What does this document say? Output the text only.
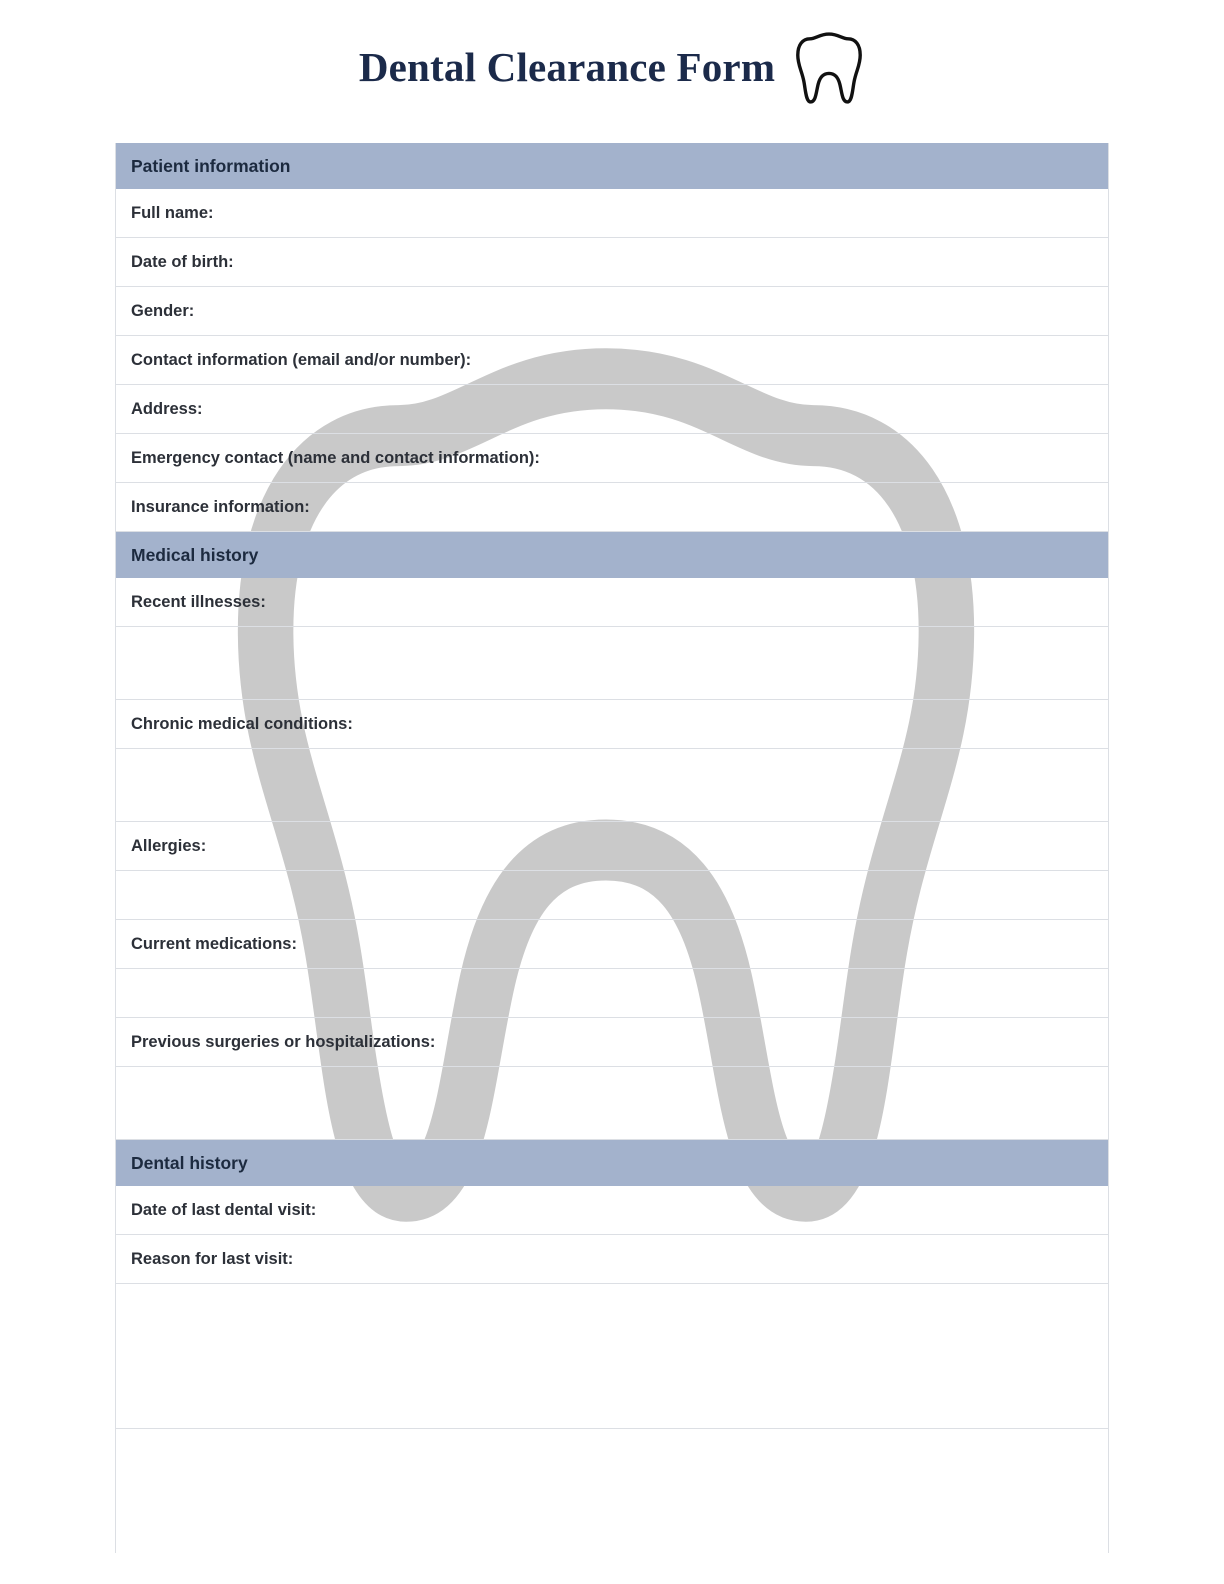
Dental Clearance Form
Patient information
Full name:
Date of birth:
Gender:
Contact information (email and/or number):
Address:
Emergency contact (name and contact information):
Insurance information:
Medical history
Recent illnesses:

Chronic medical conditions:

Allergies:

Current medications:

Previous surgeries or hospitalizations:

Dental history
Date of last dental visit:
Reason for last visit:
